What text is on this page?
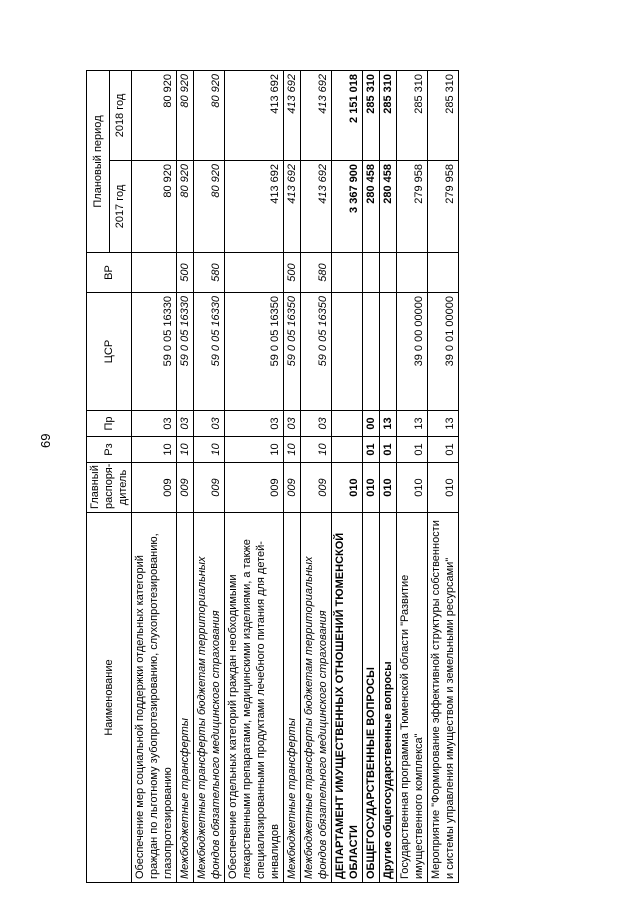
69
Наименование	Главный распоря-дитель	Рз	Пр	ЦСР	ВР	Плановый период	
						2017 год	2018 год
Обеспечение мер социальной поддержки отдельных категорий граждан по льготному зубопротезированию, слухопротезированию, глазопротезированию	009	10	03	59 0 05 16330		80 920	80 920
Межбюджетные трансферты	009	10	03	59 0 05 16330	500	80 920	80 920
Межбюджетные трансферты бюджетам территориальных фондов обязательного медицинского страхования	009	10	03	59 0 05 16330	580	80 920	80 920
Обеспечение отдельных категорий граждан необходимыми лекарственными препаратами, медицинскими изделиями, а также специализированными продуктами лечебного питания для детей-инвалидов	009	10	03	59 0 05 16350		413 692	413 692
Межбюджетные трансферты	009	10	03	59 0 05 16350	500	413 692	413 692
Межбюджетные трансферты бюджетам территориальных фондов обязательного медицинского страхования	009	10	03	59 0 05 16350	580	413 692	413 692
ДЕПАРТАМЕНТ ИМУЩЕСТВЕННЫХ ОТНОШЕНИЙ ТЮМЕНСКОЙ ОБЛАСТИ	010					3 367 900	2 151 018
ОБЩЕГОСУДАРСТВЕННЫЕ ВОПРОСЫ	010	01	00			280 458	285 310
Другие общегосударственные вопросы	010	01	13			280 458	285 310
Государственная программа Тюменской области "Развитие имущественного комплекса"	010	01	13	39 0 00 00000		279 958	285 310
Мероприятие "Формирование эффективной структуры собственности и системы управления имуществом и земельными ресурсами"	010	01	13	39 0 01 00000		279 958	285 310
